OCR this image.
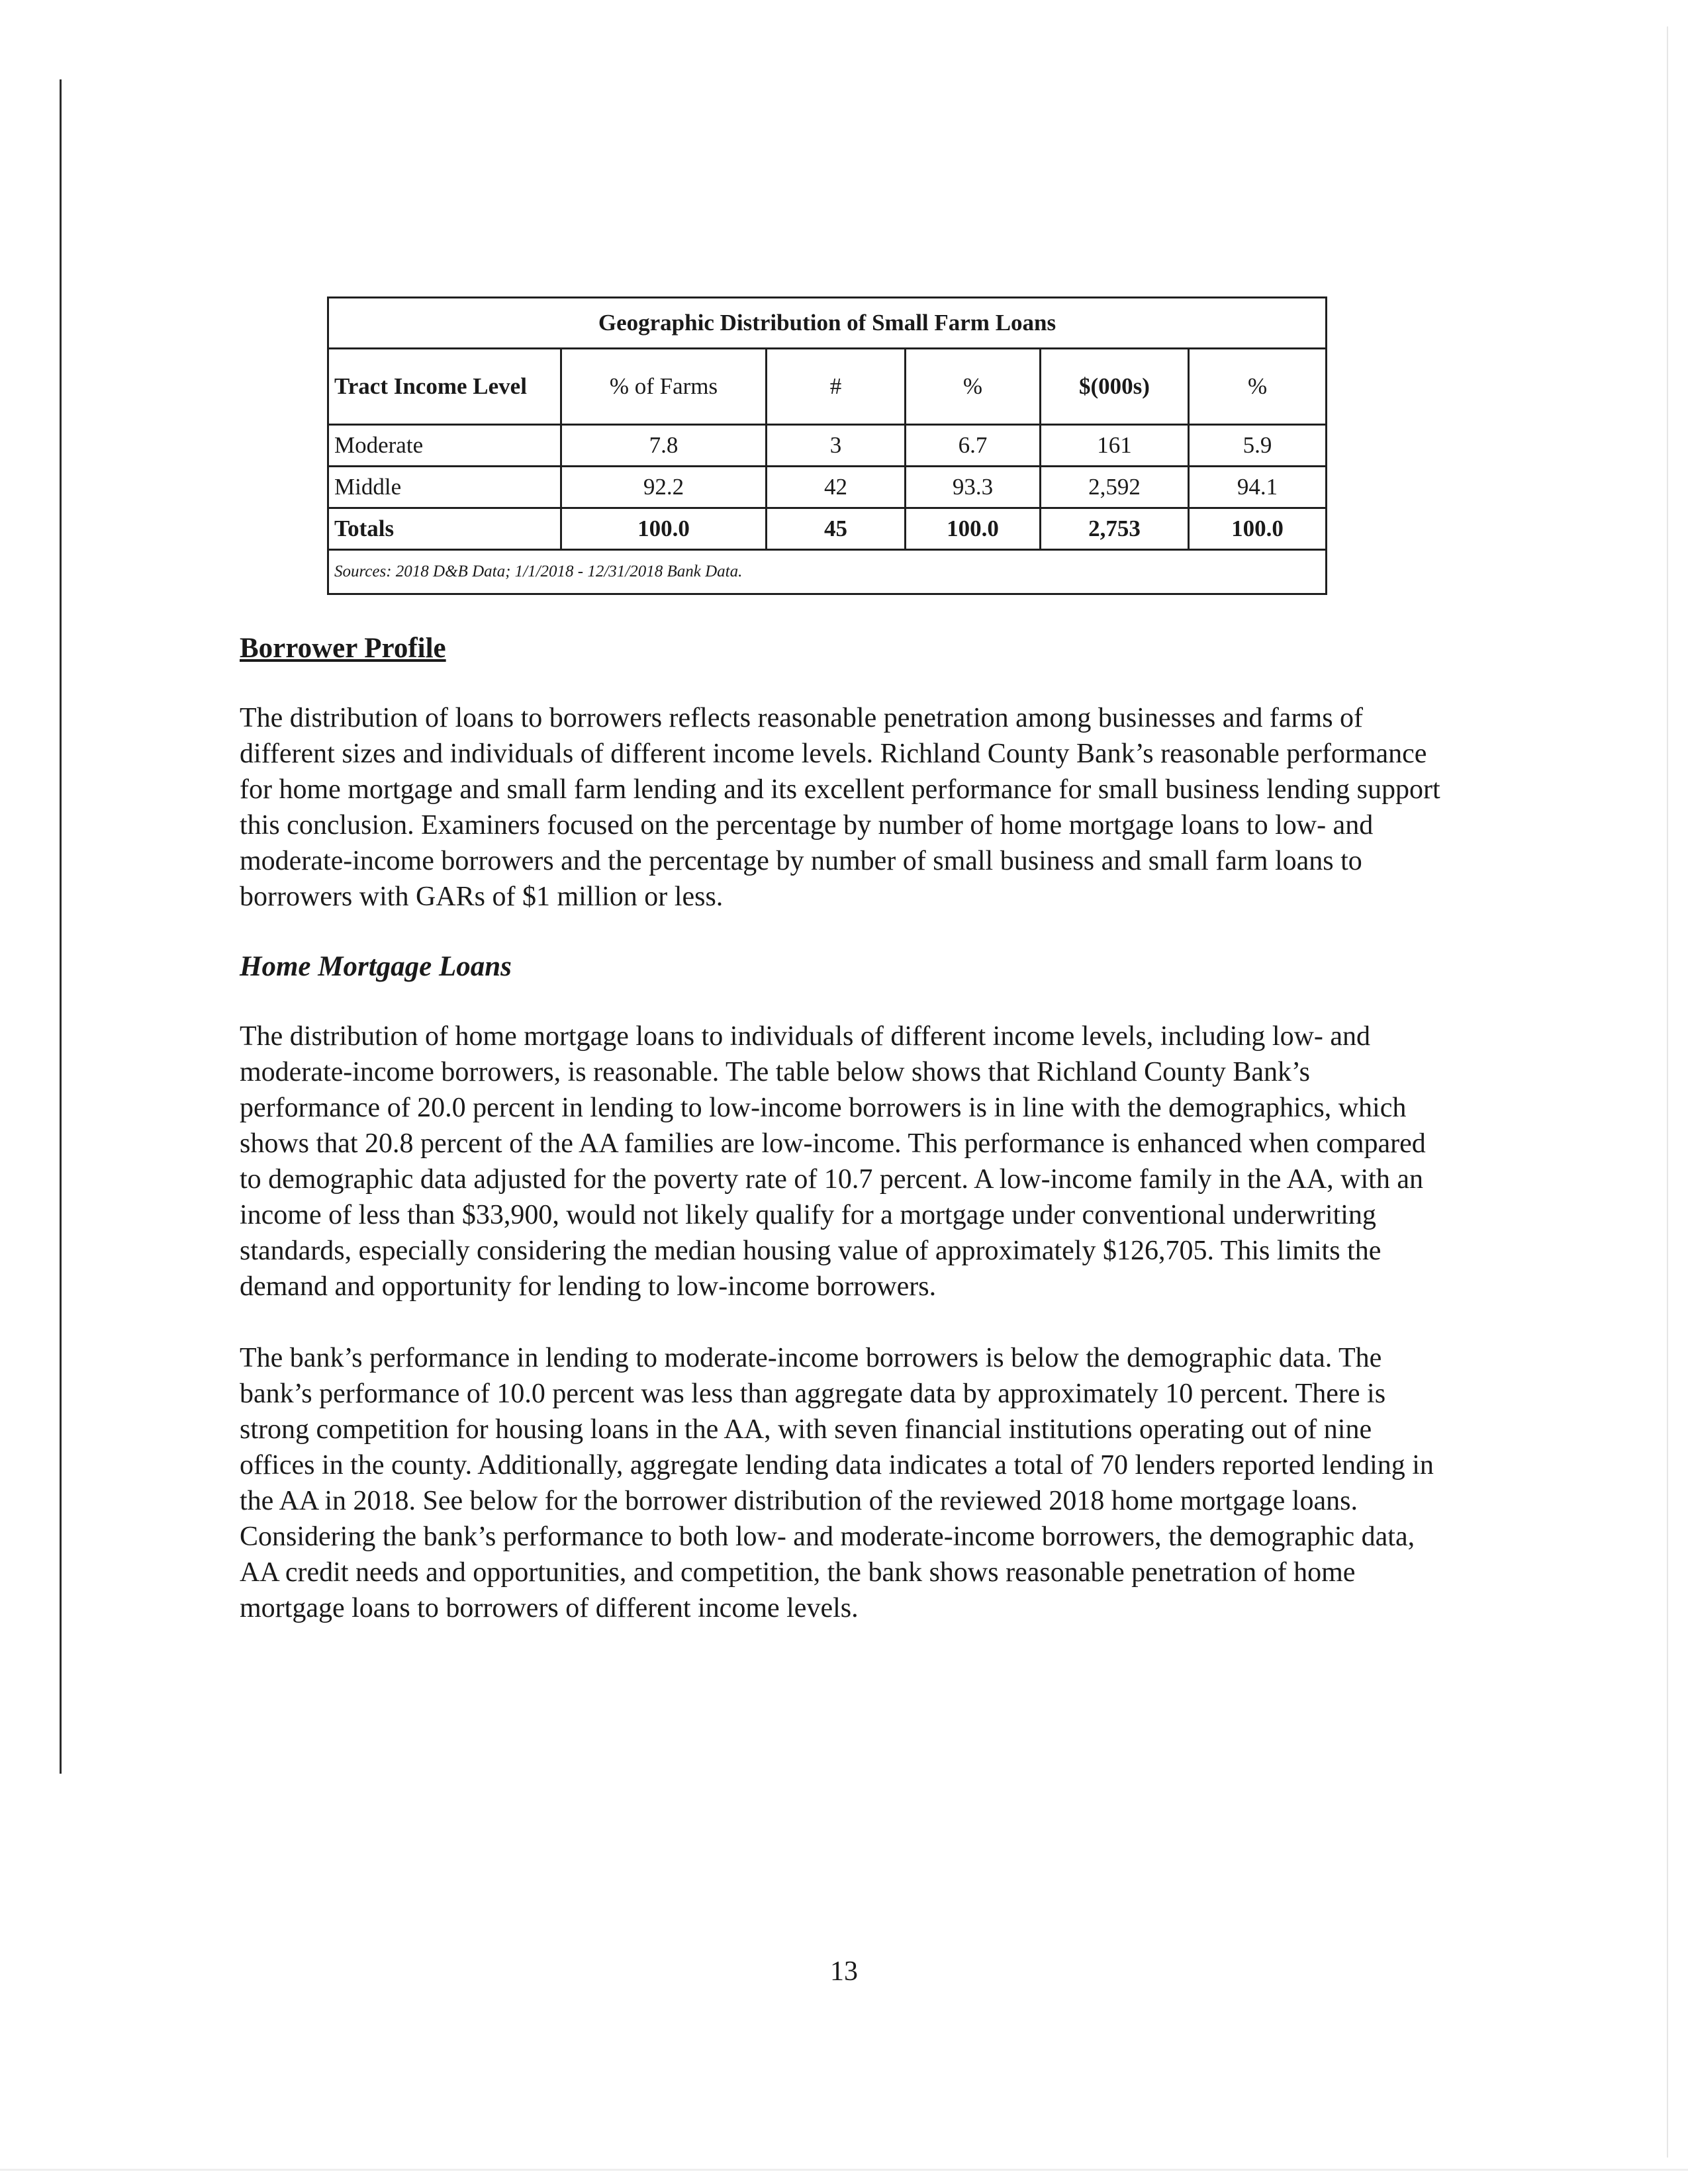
Geographic Distribution of Small Farm Loans					
Tract Income Level	% of Farms	#	%	$(000s)	%
Moderate	7.8	3	6.7	161	5.9
Middle	92.2	42	93.3	2,592	94.1
Totals	100.0	45	100.0	2,753	100.0
Sources: 2018 D&B Data; 1/1/2018 - 12/31/2018 Bank Data.					
Borrower Profile

The distribution of loans to borrowers reflects reasonable penetration among businesses and farms of different sizes and individuals of different income levels. Richland County Bank’s reasonable performance for home mortgage and small farm lending and its excellent performance for small business lending support this conclusion. Examiners focused on the percentage by number of home mortgage loans to low- and moderate-income borrowers and the percentage by number of small business and small farm loans to borrowers with GARs of $1 million or less.

Home Mortgage Loans

The distribution of home mortgage loans to individuals of different income levels, including low- and moderate-income borrowers, is reasonable. The table below shows that Richland County Bank’s performance of 20.0 percent in lending to low-income borrowers is in line with the demographics, which shows that 20.8 percent of the AA families are low-income. This performance is enhanced when compared to demographic data adjusted for the poverty rate of 10.7 percent. A low-income family in the AA, with an income of less than $33,900, would not likely qualify for a mortgage under conventional underwriting standards, especially considering the median housing value of approximately $126,705. This limits the demand and opportunity for lending to low-income borrowers.

The bank’s performance in lending to moderate-income borrowers is below the demographic data. The bank’s performance of 10.0 percent was less than aggregate data by approximately 10 percent. There is strong competition for housing loans in the AA, with seven financial institutions operating out of nine offices in the county. Additionally, aggregate lending data indicates a total of 70 lenders reported lending in the AA in 2018. See below for the borrower distribution of the reviewed 2018 home mortgage loans. Considering the bank’s performance to both low- and moderate-income borrowers, the demographic data, AA credit needs and opportunities, and competition, the bank shows reasonable penetration of home mortgage loans to borrowers of different income levels.

13
